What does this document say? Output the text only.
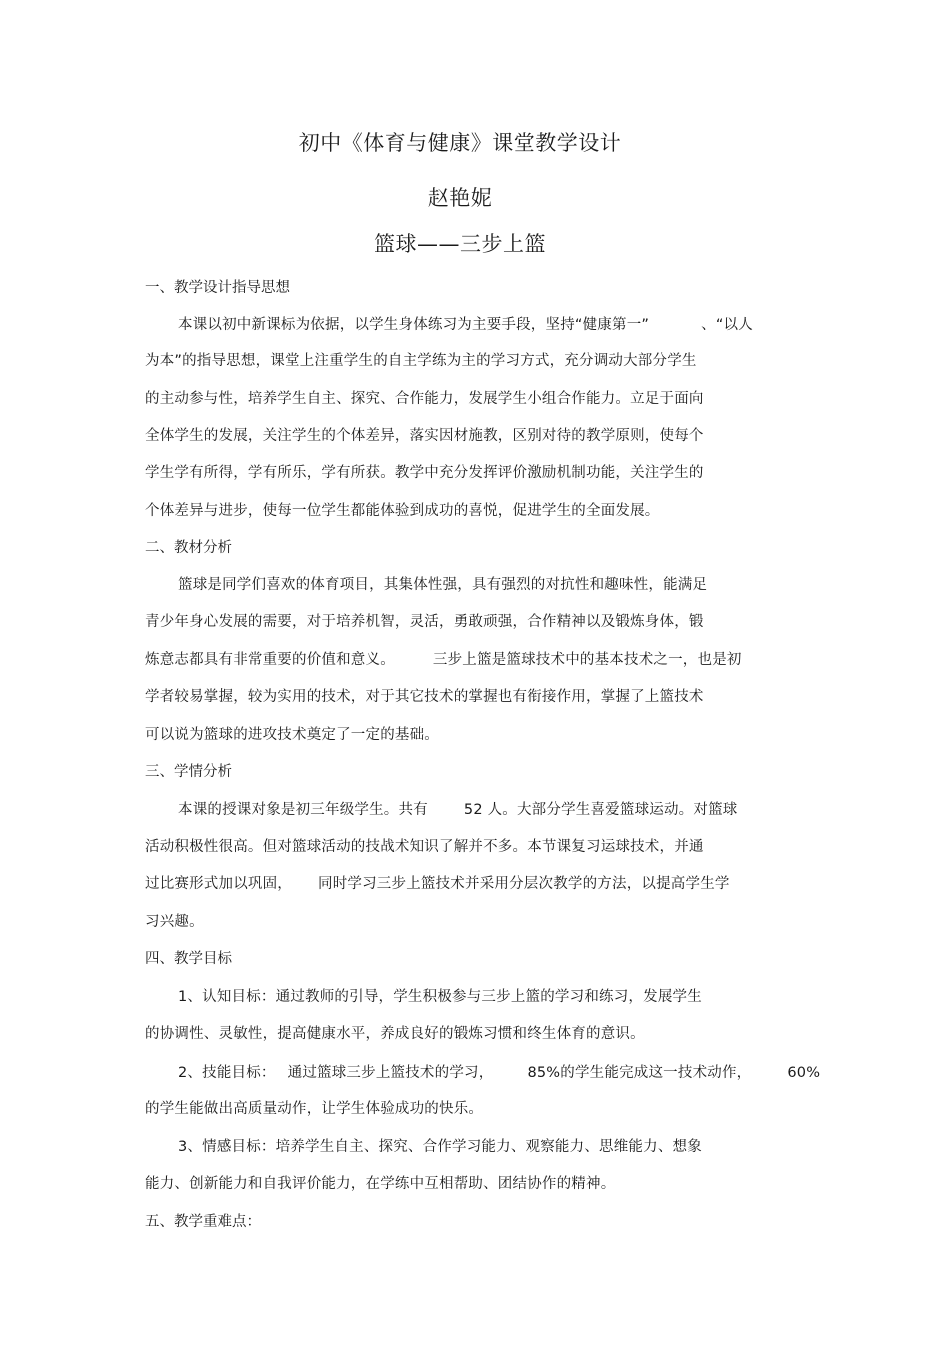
初中《体育与健康》课堂教学设计
赵艳妮
篮球——三步上篮
一、教学设计指导思想
本课以初中新课标为依据，以学生身体练习为主要手段，坚持“健康第一”	、“以人
为本”的指导思想，课堂上注重学生的自主学练为主的学习方式，充分调动大部分学生
的主动参与性，培养学生自主、探究、合作能力，发展学生小组合作能力。立足于面向
全体学生的发展，关注学生的个体差异，落实因材施教，区别对待的教学原则，使每个
学生学有所得，学有所乐，学有所获。教学中充分发挥评价激励机制功能，关注学生的
个体差异与进步，使每一位学生都能体验到成功的喜悦，促进学生的全面发展。
二、教材分析
篮球是同学们喜欢的体育项目，其集体性强，具有强烈的对抗性和趣味性，能满足
青少年身心发展的需要，对于培养机智，灵活，勇敢顽强，合作精神以及锻炼身体，锻
炼意志都具有非常重要的价值和意义。	三步上篮是篮球技术中的基本技术之一，也是初
学者较易掌握，较为实用的技术，对于其它技术的掌握也有衔接作用，掌握了上篮技术
可以说为篮球的进攻技术奠定了一定的基础。
三、学情分析
本课的授课对象是初三年级学生。共有 52 人。大部分学生喜爱篮球运动。对篮球
活动积极性很高。但对篮球活动的技战术知识了解并不多。本节课复习运球技术，并通
过比赛形式加以巩固， 同时学习三步上篮技术并采用分层次教学的方法，以提高学生学
习兴趣。
四、教学目标
1、认知目标：通过教师的引导，学生积极参与三步上篮的学习和练习，发展学生
的协调性、灵敏性，提高健康水平，养成良好的锻炼习惯和终生体育的意识。
2、技能目标： 通过篮球三步上篮技术的学习， 85%的学生能完成这一技术动作， 60%
的学生能做出高质量动作，让学生体验成功的快乐。
3、情感目标：培养学生自主、探究、合作学习能力、观察能力、思维能力、想象
能力、创新能力和自我评价能力，在学练中互相帮助、团结协作的精神。
五、教学重难点：
